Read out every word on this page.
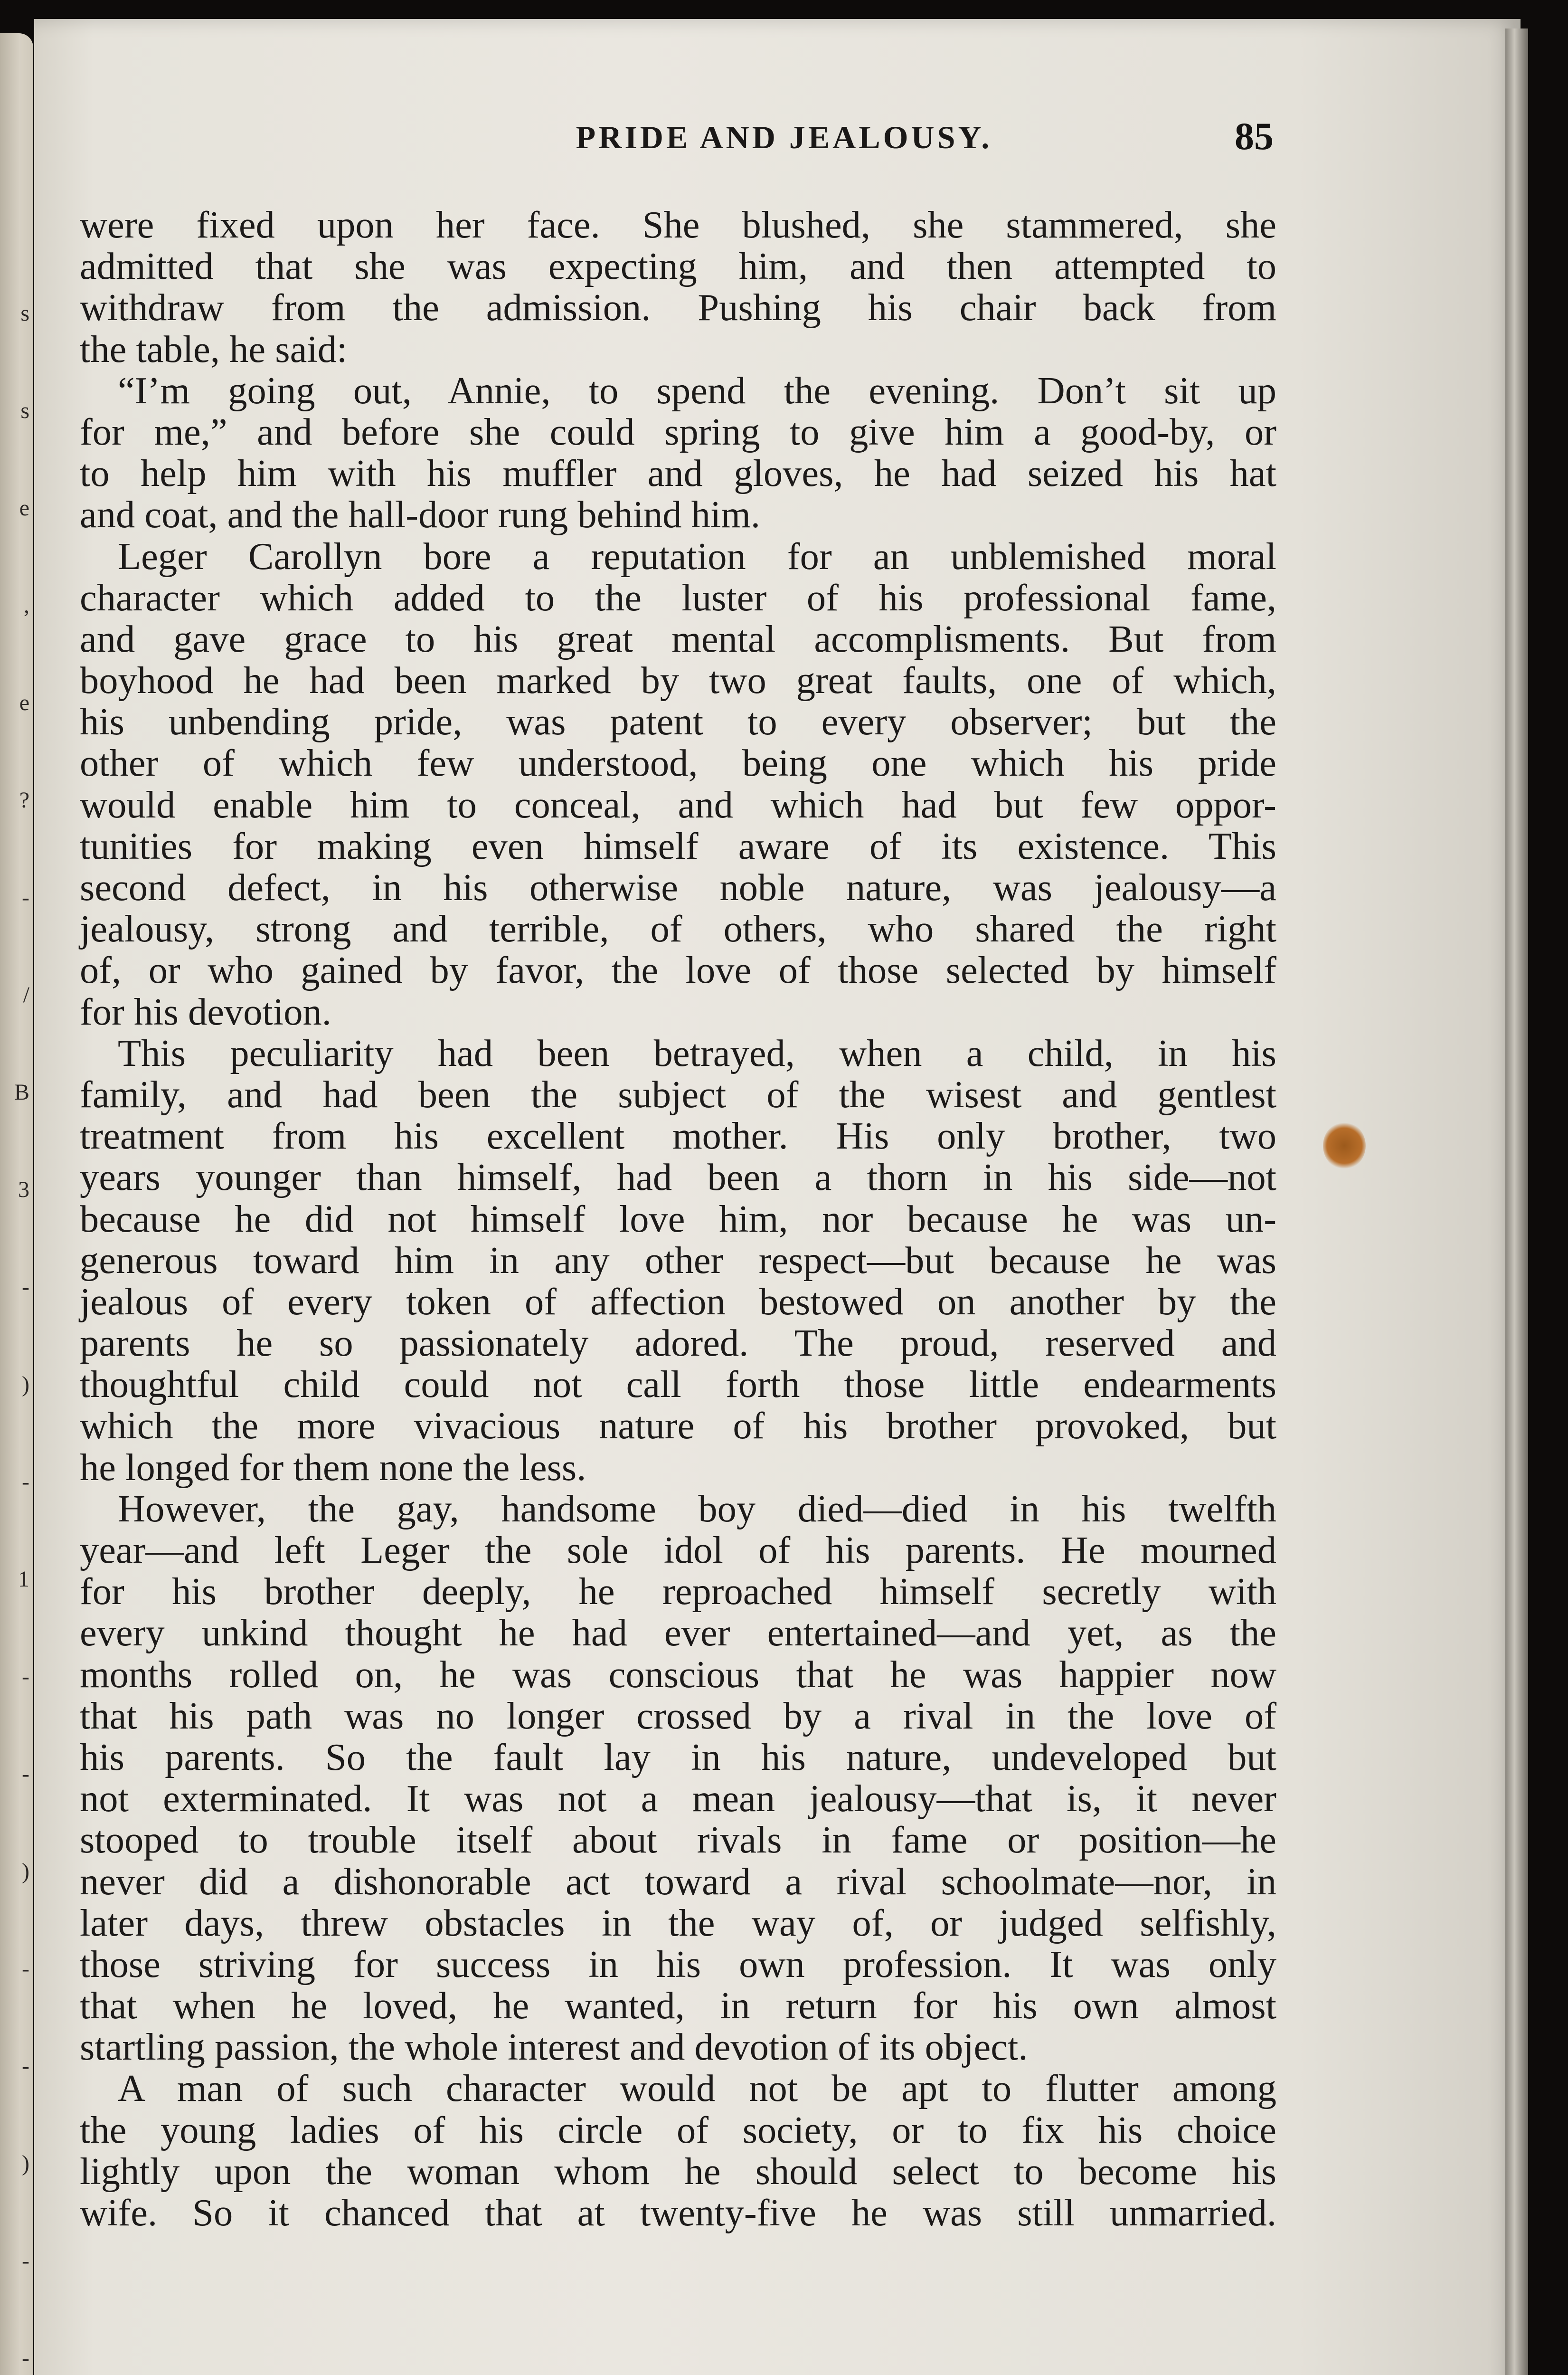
s
s
e
,
e
?
-
/
B
3
-
)
-
1
-
-
)
-
-
)
-
-
PRIDE AND JEALOUSY.	85
were fixed upon her face. She blushed, she stammered, she
admitted that she was expecting him, and then attempted to
withdraw from the admission. Pushing his chair back from
the table, he said:
“I’m going out, Annie, to spend the evening. Don’t sit up
for me,” and before she could spring to give him a good-by, or
to help him with his muffler and gloves, he had seized his hat
and coat, and the hall-door rung behind him.
Leger Carollyn bore a reputation for an unblemished moral
character which added to the luster of his professional fame,
and gave grace to his great mental accomplisments. But from
boyhood he had been marked by two great faults, one of which,
his unbending pride, was patent to every observer; but the
other of which few understood, being one which his pride
would enable him to conceal, and which had but few oppor-
tunities for making even himself aware of its existence. This
second defect, in his otherwise noble nature, was jealousy—a
jealousy, strong and terrible, of others, who shared the right
of, or who gained by favor, the love of those selected by himself
for his devotion.
This peculiarity had been betrayed, when a child, in his
family, and had been the subject of the wisest and gentlest
treatment from his excellent mother. His only brother, two
years younger than himself, had been a thorn in his side—not
because he did not himself love him, nor because he was un-
generous toward him in any other respect—but because he was
jealous of every token of affection bestowed on another by the
parents he so passionately adored. The proud, reserved and
thoughtful child could not call forth those little endearments
which the more vivacious nature of his brother provoked, but
he longed for them none the less.
However, the gay, handsome boy died—died in his twelfth
year—and left Leger the sole idol of his parents. He mourned
for his brother deeply, he reproached himself secretly with
every unkind thought he had ever entertained—and yet, as the
months rolled on, he was conscious that he was happier now
that his path was no longer crossed by a rival in the love of
his parents. So the fault lay in his nature, undeveloped but
not exterminated. It was not a mean jealousy—that is, it never
stooped to trouble itself about rivals in fame or position—he
never did a dishonorable act toward a rival schoolmate—nor, in
later days, threw obstacles in the way of, or judged selfishly,
those striving for success in his own profession. It was only
that when he loved, he wanted, in return for his own almost
startling passion, the whole interest and devotion of its object.
A man of such character would not be apt to flutter among
the young ladies of his circle of society, or to fix his choice
lightly upon the woman whom he should select to become his
wife. So it chanced that at twenty-five he was still unmarried.
